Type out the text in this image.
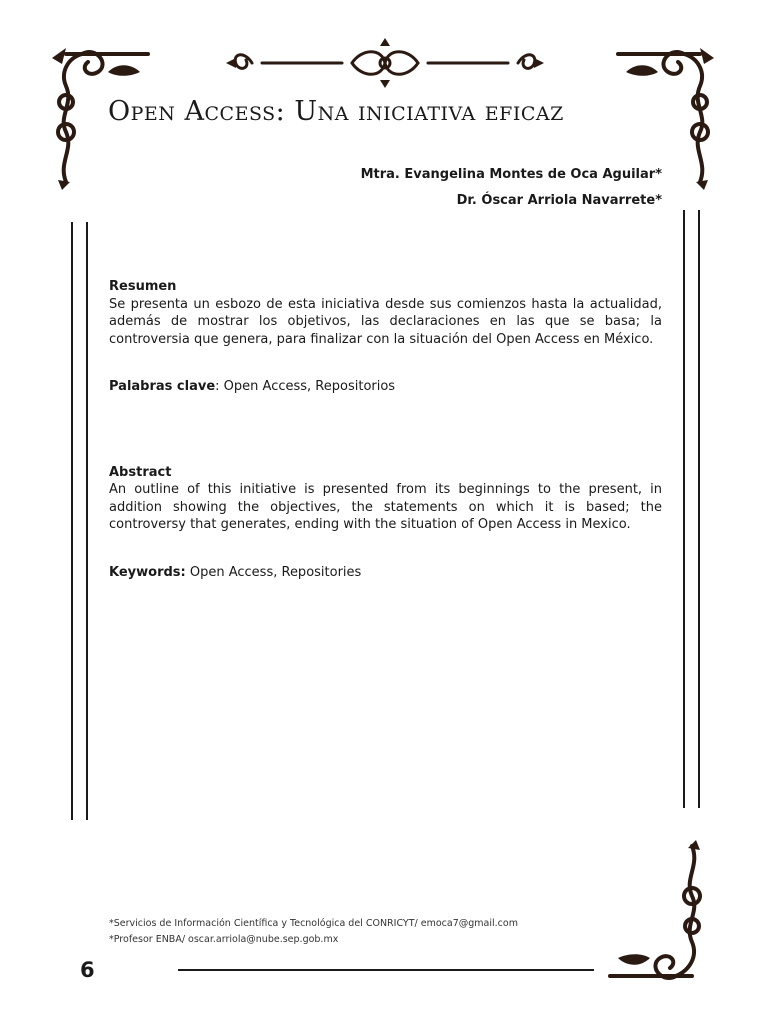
Open Access: Una iniciativa eficaz
Mtra. Evangelina Montes de Oca Aguilar*
Dr. Óscar Arriola Navarrete*

Resumen

Se presenta un esbozo de esta iniciativa desde sus comienzos hasta la actualidad, además de mostrar los objetivos, las declaraciones en las que se basa; la controversia que genera, para finalizar con la situación del Open Access en México.

Palabras clave: Open Access, Repositorios

Abstract

An outline of this initiative is presented from its beginnings to the present, in addition showing the objectives, the statements on which it is based; the controversy that generates, ending with the situation of Open Access in Mexico.

Keywords: Open Access, Repositories

*Servicios de Información Científica y Tecnológica del CONRICYT/ emoca7@gmail.com
*Profesor ENBA/ oscar.arriola@nube.sep.gob.mx
6
